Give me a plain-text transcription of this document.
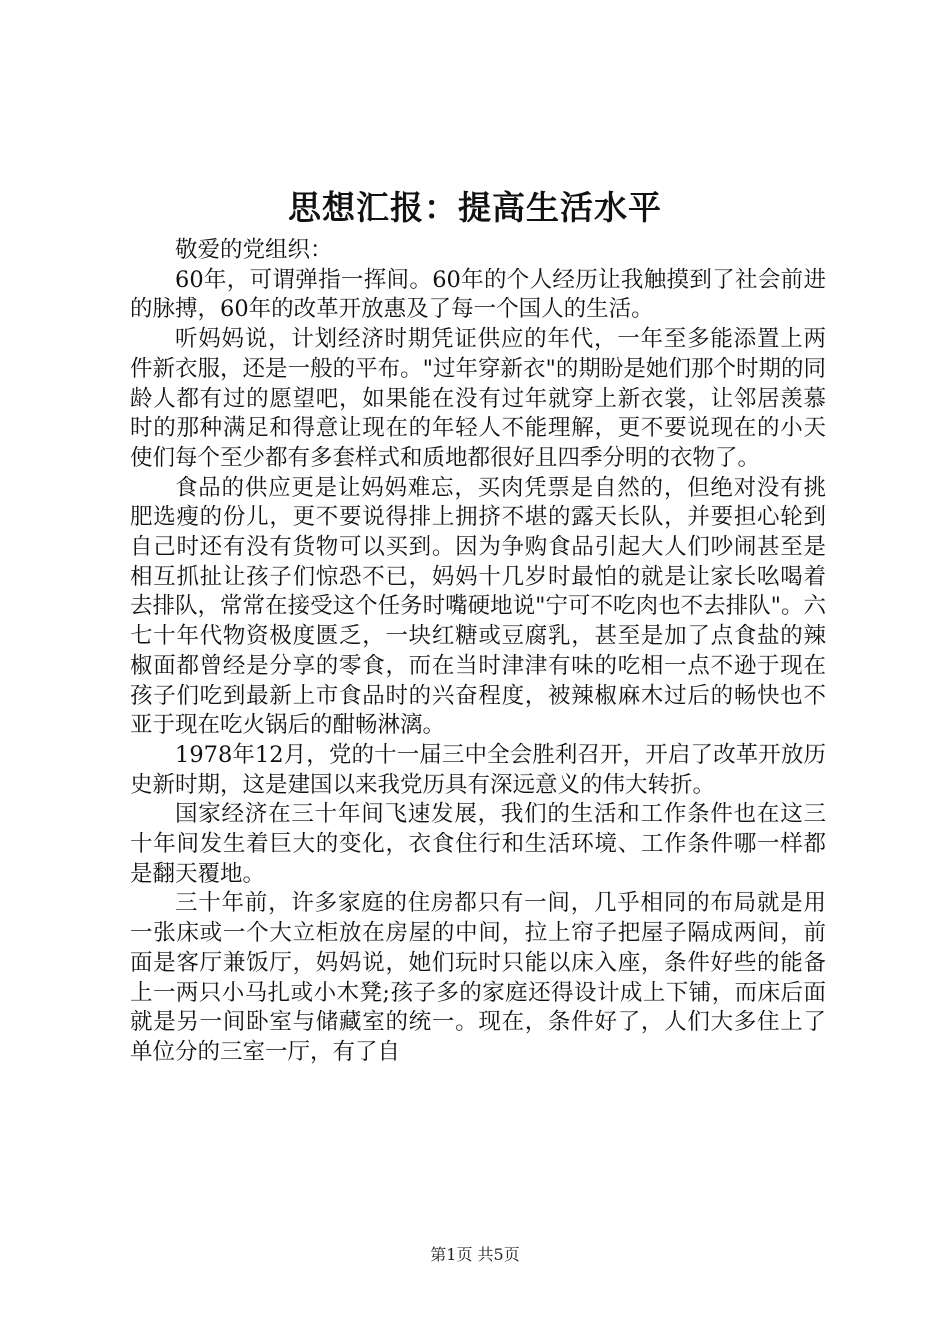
思想汇报：提高生活水平

敬爱的党组织：

60年，可谓弹指一挥间。60年的个人经历让我触摸到了社会前进的脉搏，60年的改革开放惠及了每一个国人的生活。

听妈妈说，计划经济时期凭证供应的年代，一年至多能添置上两件新衣服，还是一般的平布。"过年穿新衣"的期盼是她们那个时期的同龄人都有过的愿望吧，如果能在没有过年就穿上新衣裳，让邻居羡慕时的那种满足和得意让现在的年轻人不能理解，更不要说现在的小天使们每个至少都有多套样式和质地都很好且四季分明的衣物了。

食品的供应更是让妈妈难忘，买肉凭票是自然的，但绝对没有挑肥选瘦的份儿，更不要说得排上拥挤不堪的露天长队，并要担心轮到自己时还有没有货物可以买到。因为争购食品引起大人们吵闹甚至是相互抓扯让孩子们惊恐不已，妈妈十几岁时最怕的就是让家长吆喝着去排队，常常在接受这个任务时嘴硬地说"宁可不吃肉也不去排队"。六七十年代物资极度匮乏，一块红糖或豆腐乳，甚至是加了点食盐的辣椒面都曾经是分享的零食，而在当时津津有味的吃相一点不逊于现在孩子们吃到最新上市食品时的兴奋程度，被辣椒麻木过后的畅快也不亚于现在吃火锅后的酣畅淋漓。

1978年12月，党的十一届三中全会胜利召开，开启了改革开放历史新时期，这是建国以来我党历具有深远意义的伟大转折。

国家经济在三十年间飞速发展，我们的生活和工作条件也在这三十年间发生着巨大的变化，衣食住行和生活环境、工作条件哪一样都是翻天覆地。

三十年前，许多家庭的住房都只有一间，几乎相同的布局就是用一张床或一个大立柜放在房屋的中间，拉上帘子把屋子隔成两间，前面是客厅兼饭厅，妈妈说，她们玩时只能以床入座，条件好些的能备上一两只小马扎或小木凳;孩子多的家庭还得设计成上下铺，而床后面就是另一间卧室与储藏室的统一。现在，条件好了，人们大多住上了单位分的三室一厅，有了自

第1页 共5页
